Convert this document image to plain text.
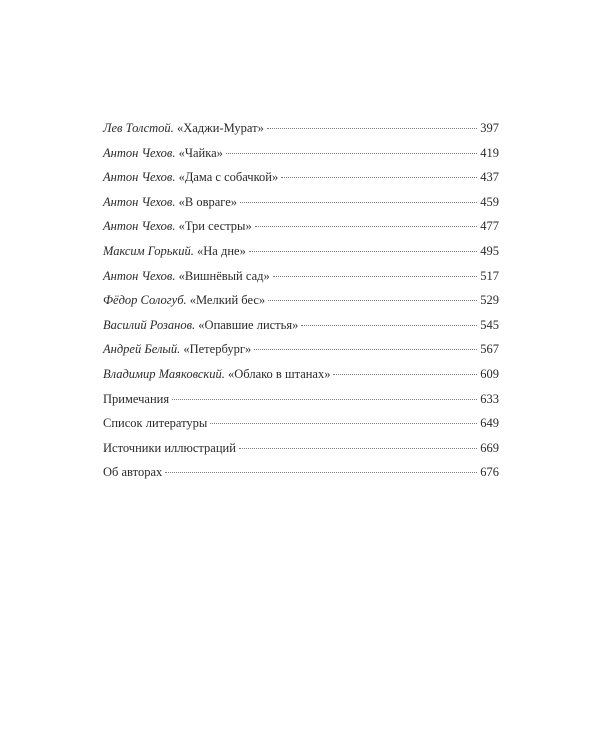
Лев Толстой. «Хаджи-Мурат»	397
Антон Чехов. «Чайка»	419
Антон Чехов. «Дама с собачкой»	437
Антон Чехов. «В овраге»	459
Антон Чехов. «Три сестры»	477
Максим Горький. «На дне»	495
Антон Чехов. «Вишнёвый сад»	517
Фёдор Сологуб. «Мелкий бес»	529
Василий Розанов. «Опавшие листья»	545
Андрей Белый. «Петербург»	567
Владимир Маяковский. «Облако в штанах»	609
Примечания	633
Список литературы	649
Источники иллюстраций	669
Об авторах	676
